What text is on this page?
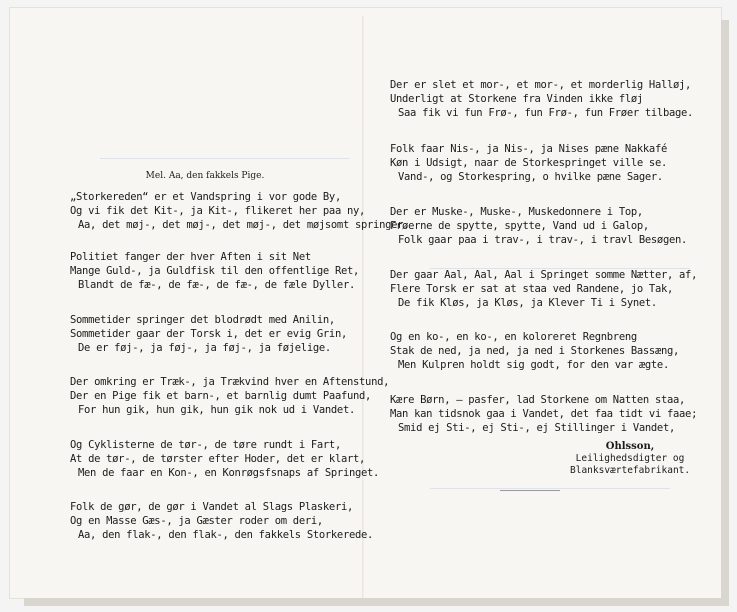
Mel. Aa, den fakkels Pige.
„Storkereden“ er et Vandspring i vor gode By,
Og vi fik det Kit-, ja Kit-, flikeret her paa ny,
Aa, det møj-, det møj-, det møj-, det møjsomt springer.
Politiet fanger der hver Aften i sit Net
Mange Guld-, ja Guldfisk til den offentlige Ret,
Blandt de fæ-, de fæ-, de fæ-, de fæle Dyller.
Sommetider springer det blodrødt med Anilin,
Sommetider gaar der Torsk i, det er evig Grin,
De er føj-, ja føj-, ja føj-, ja føjelige.
Der omkring er Træk-, ja Trækvind hver en Aftenstund,
Der en Pige fik et barn-, et barnlig dumt Paafund,
For hun gik, hun gik, hun gik nok ud i Vandet.
Og Cyklisterne de tør-, de tøre rundt i Fart,
At de tør-, de tørster efter Hoder, det er klart,
Men de faar en Kon-, en Konrøgsfsnaps af Springet.
Folk de gør, de gør i Vandet al Slags Plaskeri,
Og en Masse Gæs-, ja Gæster roder om deri,
Aa, den flak-, den flak-, den fakkels Storkerede.
Der er slet et mor-, et mor-, et morderlig Halløj,
Underligt at Storkene fra Vinden ikke fløj
Saa fik vi fun Frø-, fun Frø-, fun Frøer tilbage.
Folk faar Nis-, ja Nis-, ja Nises pæne Nakkafé
Køn i Udsigt, naar de Storkespringet ville se.
Vand-, og Storkespring, o hvilke pæne Sager.
Der er Muske-, Muske-, Muskedonnere i Top,
Frøerne de spytte, spytte, Vand ud i Galop,
Folk gaar paa i trav-, i trav-, i travl Besøgen.
Der gaar Aal, Aal, Aal i Springet somme Nætter, af,
Flere Torsk er sat at staa ved Randene, jo Tak,
De fik Kløs, ja Kløs, ja Klever Ti i Synet.
Og en ko-, en ko-, en koloreret Regnbreng
Stak de ned, ja ned, ja ned i Storkenes Bassæng,
Men Kulpren holdt sig godt, for den var ægte.
Kære Børn, — pasfer, lad Storkene om Natten staa,
Man kan tidsnok gaa i Vandet, det faa tidt vi faae;
Smid ej Sti-, ej Sti-, ej Stillinger i Vandet,
Ohlsson,
Leilighedsdigter og
Blanksværtefabrikant.
